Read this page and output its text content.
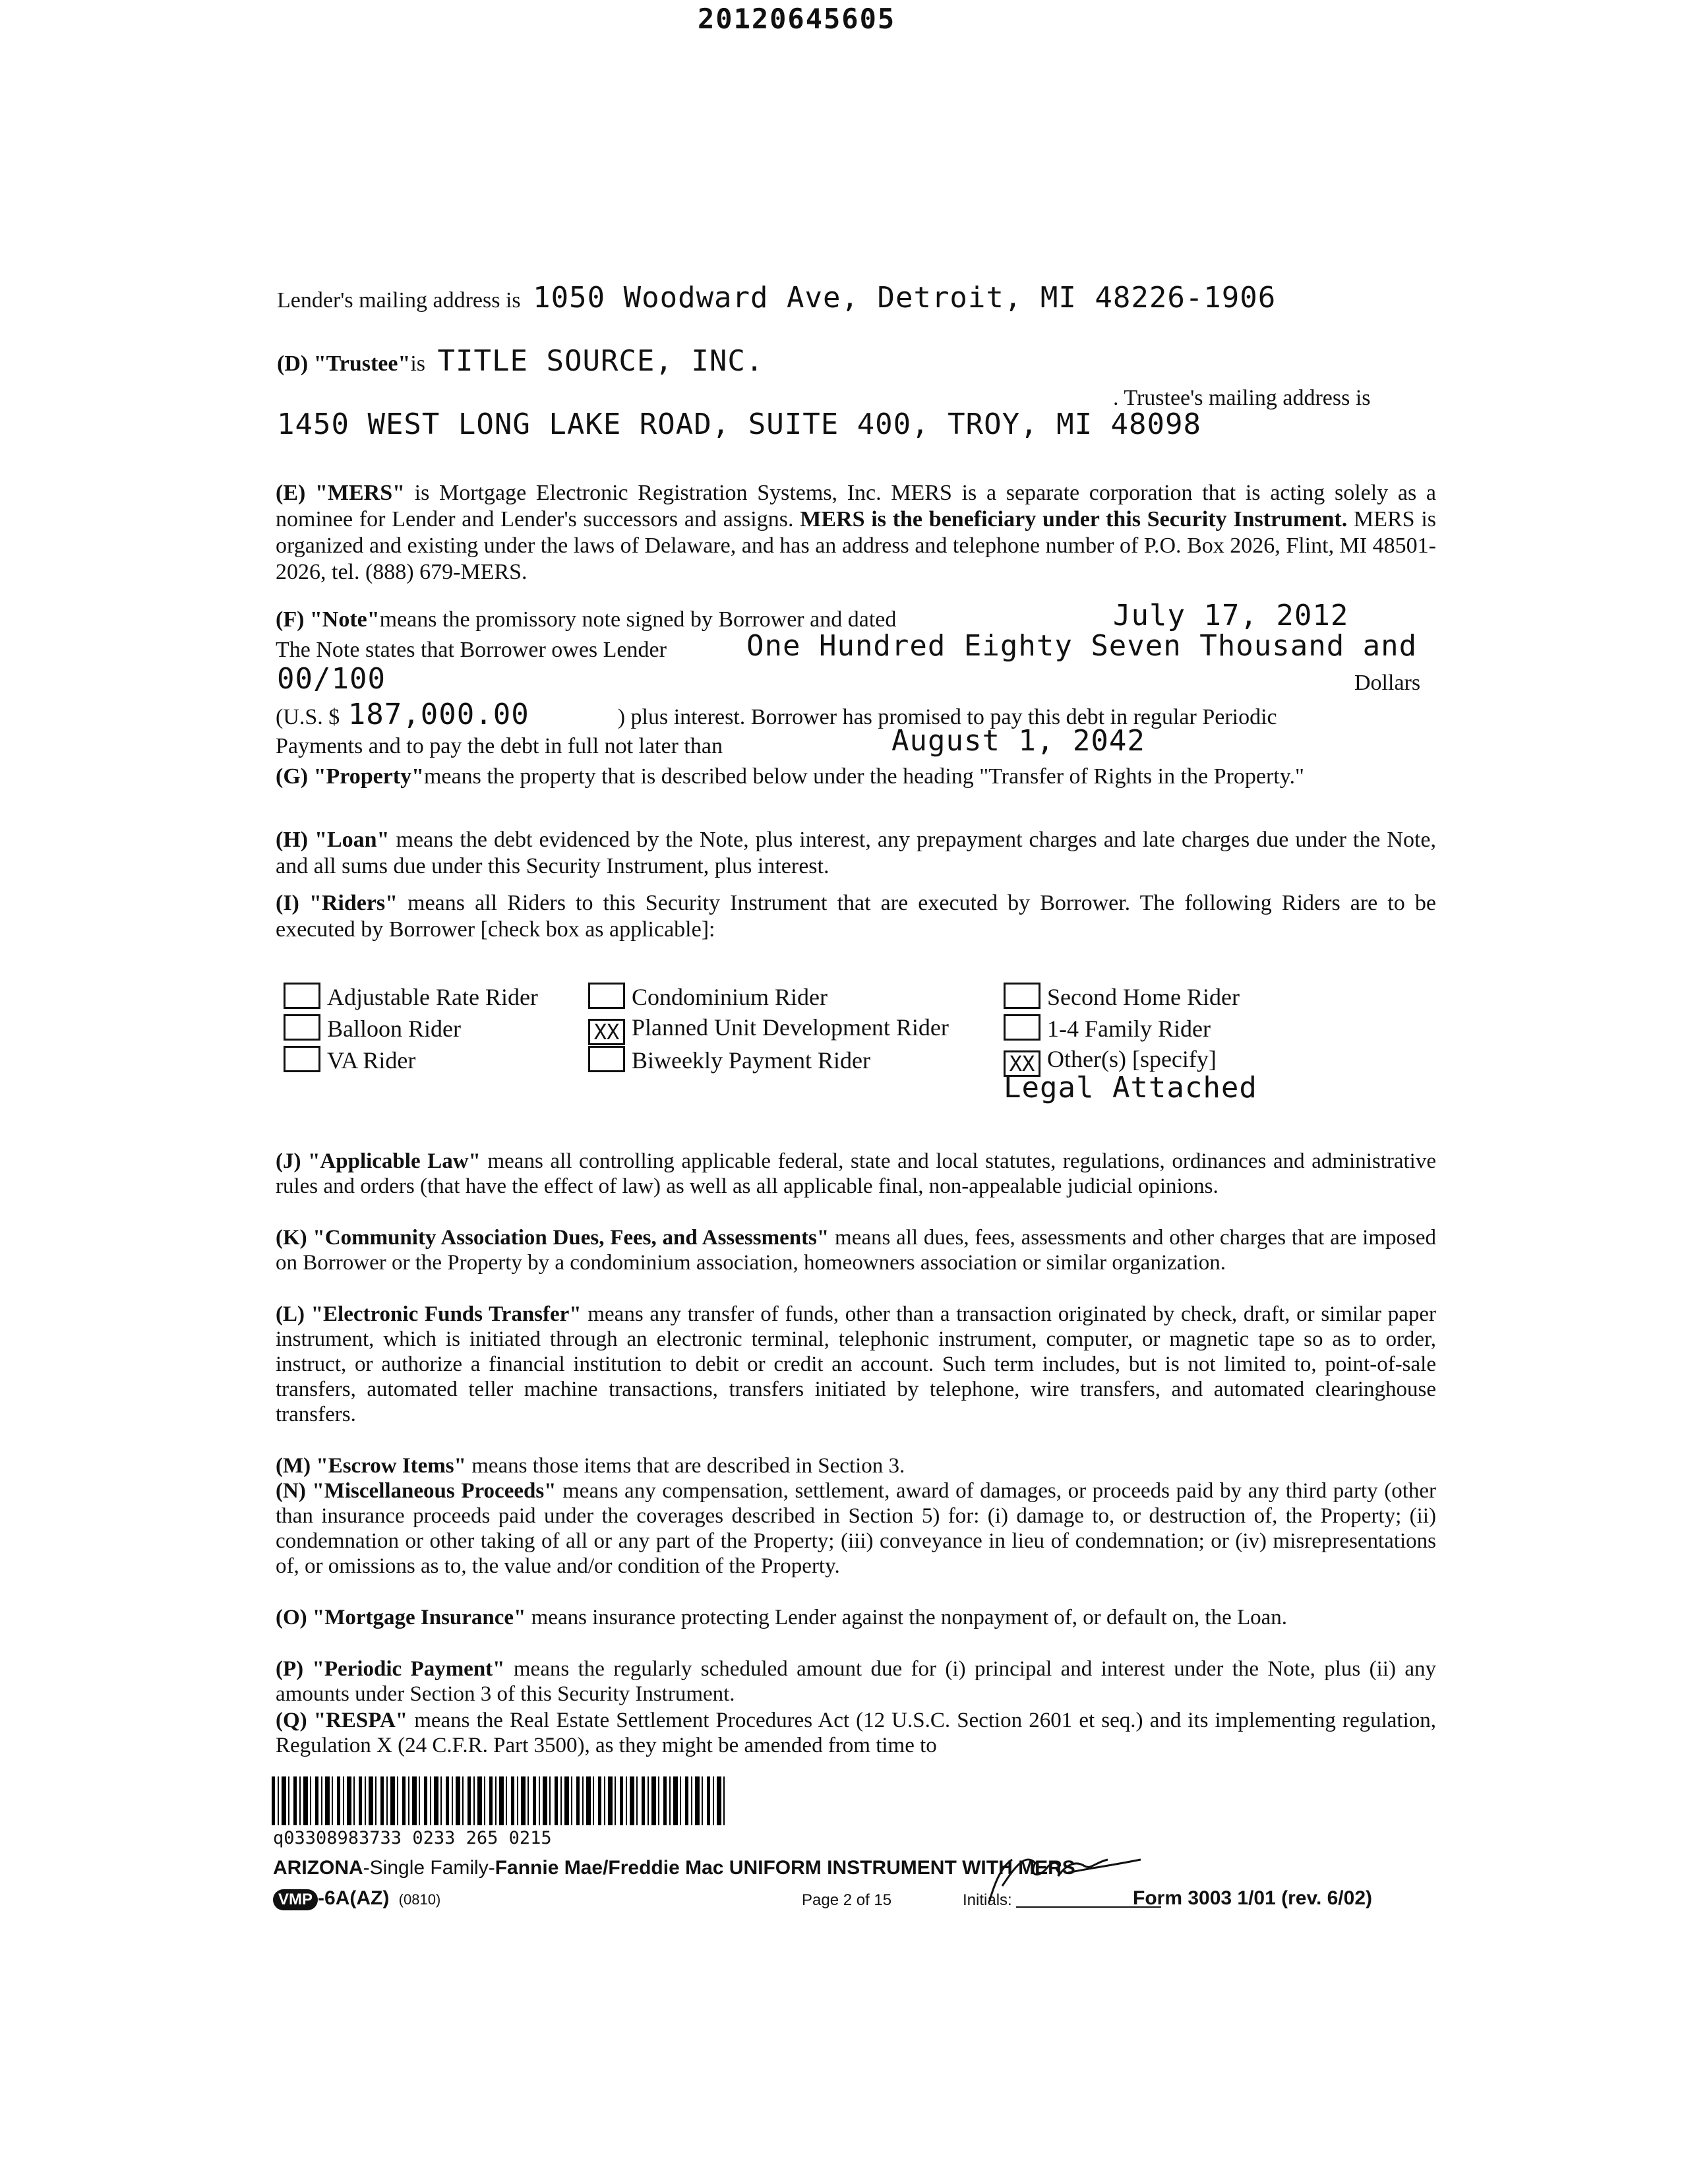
20120645605
Lender's mailing address is 1050 Woodward Ave, Detroit, MI 48226-1906
(D) "Trustee"is TITLE SOURCE, INC.
. Trustee's mailing address is
1450 WEST LONG LAKE ROAD, SUITE 400, TROY, MI 48098
(E) "MERS" is Mortgage Electronic Registration Systems, Inc. MERS is a separate corporation that is acting solely as a nominee for Lender and Lender's successors and assigns. MERS is the beneficiary under this Security Instrument. MERS is organized and existing under the laws of Delaware, and has an address and telephone number of P.O. Box 2026, Flint, MI 48501-2026, tel. (888) 679-MERS.
(F) "Note"means the promissory note signed by Borrower and dated	July 17, 2012
The Note states that Borrower owes Lender	One Hundred Eighty Seven Thousand and
00/100	Dollars
(U.S. $ 187,000.00	) plus interest. Borrower has promised to pay this debt in regular Periodic
Payments and to pay the debt in full not later than	August 1, 2042
(G) "Property"means the property that is described below under the heading "Transfer of Rights in the Property."
(H) "Loan" means the debt evidenced by the Note, plus interest, any prepayment charges and late charges due under the Note, and all sums due under this Security Instrument, plus interest.
(I) "Riders" means all Riders to this Security Instrument that are executed by Borrower. The following Riders are to be executed by Borrower [check box as applicable]:
Adjustable Rate Rider	Condominium Rider	Second Home Rider
Balloon Rider	XX Planned Unit Development Rider	1-4 Family Rider
VA Rider	Biweekly Payment Rider	XX Other(s) [specify]
Legal Attached
(J) "Applicable Law" means all controlling applicable federal, state and local statutes, regulations, ordinances and administrative rules and orders (that have the effect of law) as well as all applicable final, non-appealable judicial opinions.
(K) "Community Association Dues, Fees, and Assessments" means all dues, fees, assessments and other charges that are imposed on Borrower or the Property by a condominium association, homeowners association or similar organization.
(L) "Electronic Funds Transfer" means any transfer of funds, other than a transaction originated by check, draft, or similar paper instrument, which is initiated through an electronic terminal, telephonic instrument, computer, or magnetic tape so as to order, instruct, or authorize a financial institution to debit or credit an account. Such term includes, but is not limited to, point-of-sale transfers, automated teller machine transactions, transfers initiated by telephone, wire transfers, and automated clearinghouse transfers.
(M) "Escrow Items" means those items that are described in Section 3.
(N) "Miscellaneous Proceeds" means any compensation, settlement, award of damages, or proceeds paid by any third party (other than insurance proceeds paid under the coverages described in Section 5) for: (i) damage to, or destruction of, the Property; (ii) condemnation or other taking of all or any part of the Property; (iii) conveyance in lieu of condemnation; or (iv) misrepresentations of, or omissions as to, the value and/or condition of the Property.
(O) "Mortgage Insurance" means insurance protecting Lender against the nonpayment of, or default on, the Loan.
(P) "Periodic Payment" means the regularly scheduled amount due for (i) principal and interest under the Note, plus (ii) any amounts under Section 3 of this Security Instrument.
(Q) "RESPA" means the Real Estate Settlement Procedures Act (12 U.S.C. Section 2601 et seq.) and its implementing regulation, Regulation X (24 C.F.R. Part 3500), as they might be amended from time to
q03308983733 0233 265 0215
ARIZONA-Single Family-Fannie Mae/Freddie Mac UNIFORM INSTRUMENT WITH MERS
VMP -6A(AZ) (0810)	Page 2 of 15	Initials:	Form 3003 1/01 (rev. 6/02)
